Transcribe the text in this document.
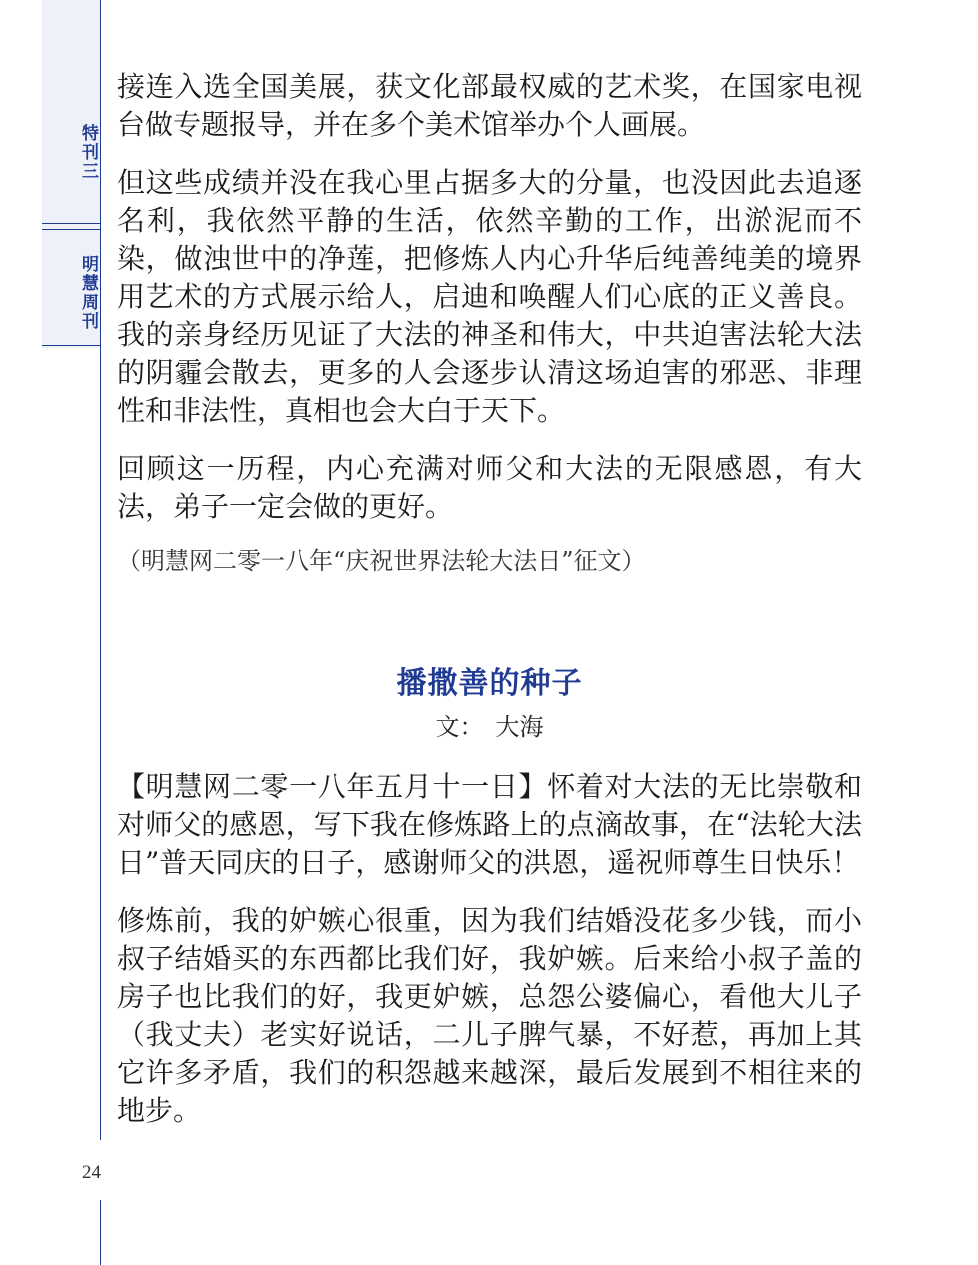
特刊三
明慧周刊
24

接连入选全国美展，获文化部最权威的艺术奖，在国家电视台做专题报导，并在多个美术馆举办个人画展。

但这些成绩并没在我心里占据多大的分量，也没因此去追逐名利，我依然平静的生活，依然辛勤的工作，出淤泥而不染，做浊世中的净莲，把修炼人内心升华后纯善纯美的境界用艺术的方式展示给人，启迪和唤醒人们心底的正义善良。我的亲身经历见证了大法的神圣和伟大，中共迫害法轮大法的阴霾会散去，更多的人会逐步认清这场迫害的邪恶、非理性和非法性，真相也会大白于天下。

回顾这一历程，内心充满对师父和大法的无限感恩，有大法，弟子一定会做的更好。

（明慧网二零一八年“庆祝世界法轮大法日”征文）

播撒善的种子
文： 大海

【明慧网二零一八年五月十一日】怀着对大法的无比崇敬和对师父的感恩，写下我在修炼路上的点滴故事，在“法轮大法日”普天同庆的日子，感谢师父的洪恩，遥祝师尊生日快乐！

修炼前，我的妒嫉心很重，因为我们结婚没花多少钱，而小叔子结婚买的东西都比我们好，我妒嫉。后来给小叔子盖的房子也比我们的好，我更妒嫉，总怨公婆偏心，看他大儿子（我丈夫）老实好说话，二儿子脾气暴，不好惹，再加上其它许多矛盾，我们的积怨越来越深，最后发展到不相往来的地步。
